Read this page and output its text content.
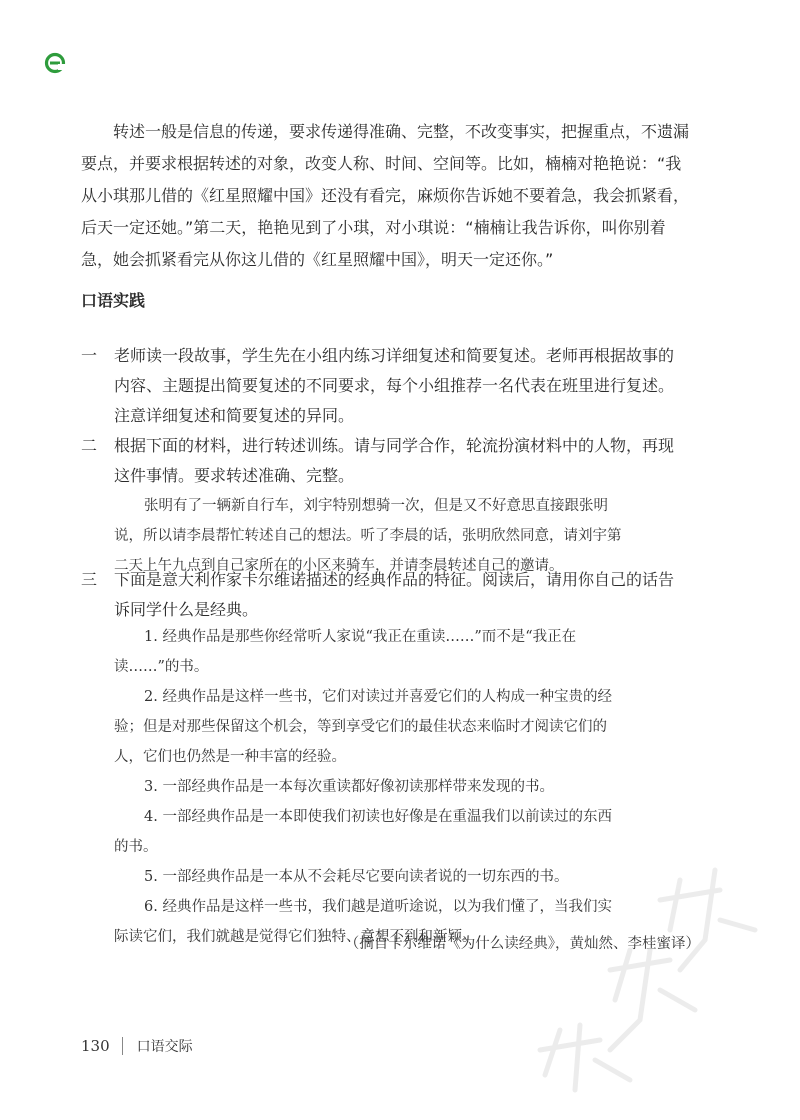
转述一般是信息的传递，要求传递得准确、完整，不改变事实，把握重点，不遗漏
要点，并要求根据转述的对象，改变人称、时间、空间等。比如，楠楠对艳艳说：“我
从小琪那儿借的《红星照耀中国》还没有看完，麻烦你告诉她不要着急，我会抓紧看，
后天一定还她。”第二天，艳艳见到了小琪，对小琪说：“楠楠让我告诉你，叫你别着
急，她会抓紧看完从你这儿借的《红星照耀中国》，明天一定还你。”
口语实践
一 老师读一段故事，学生先在小组内练习详细复述和简要复述。老师再根据故事的
内容、主题提出简要复述的不同要求，每个小组推荐一名代表在班里进行复述。
注意详细复述和简要复述的异同。
二 根据下面的材料，进行转述训练。请与同学合作，轮流扮演材料中的人物，再现
这件事情。要求转述准确、完整。
张明有了一辆新自行车，刘宇特别想骑一次，但是又不好意思直接跟张明
说，所以请李晨帮忙转述自己的想法。听了李晨的话，张明欣然同意，请刘宇第
二天上午九点到自己家所在的小区来骑车，并请李晨转述自己的邀请。
三 下面是意大利作家卡尔维诺描述的经典作品的特征。阅读后，请用你自己的话告
诉同学什么是经典。
1. 经典作品是那些你经常听人家说“我正在重读……”而不是“我正在
读……”的书。
2. 经典作品是这样一些书，它们对读过并喜爱它们的人构成一种宝贵的经
验；但是对那些保留这个机会，等到享受它们的最佳状态来临时才阅读它们的
人，它们也仍然是一种丰富的经验。
3. 一部经典作品是一本每次重读都好像初读那样带来发现的书。
4. 一部经典作品是一本即使我们初读也好像是在重温我们以前读过的东西
的书。
5. 一部经典作品是一本从不会耗尽它要向读者说的一切东西的书。
6. 经典作品是这样一些书，我们越是道听途说，以为我们懂了，当我们实
际读它们，我们就越是觉得它们独特、意想不到和新颖。
（摘自卡尔维诺《为什么读经典》，黄灿然、李桂蜜译）
130 口语交际
